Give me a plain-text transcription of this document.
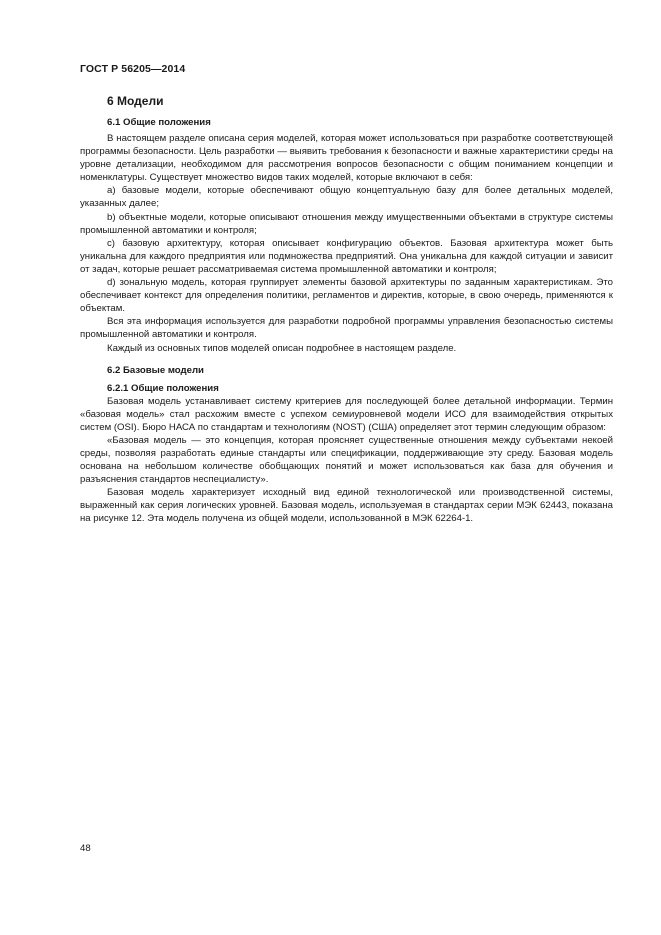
ГОСТ Р 56205—2014
6 Модели
6.1 Общие положения

В настоящем разделе описана серия моделей, которая может использоваться при разработке соответствующей программы безопасности. Цель разработки — выявить требования к безопасности и важные характеристики среды на уровне детализации, необходимом для рассмотрения вопросов безопасности с общим пониманием концепции и номенклатуры. Существует множество видов таких моделей, которые включают в себя:

a) базовые модели, которые обеспечивают общую концептуальную базу для более детальных моделей, указанных далее;

b) объектные модели, которые описывают отношения между имущественными объектами в структуре системы промышленной автоматики и контроля;

c) базовую архитектуру, которая описывает конфигурацию объектов. Базовая архитектура может быть уникальна для каждого предприятия или подмножества предприятий. Она уникальна для каждой ситуации и зависит от задач, которые решает рассматриваемая система промышленной автоматики и контроля;

d) зональную модель, которая группирует элементы базовой архитектуры по заданным характеристикам. Это обеспечивает контекст для определения политики, регламентов и директив, которые, в свою очередь, применяются к объектам.

Вся эта информация используется для разработки подробной программы управления безопасностью системы промышленной автоматики и контроля.

Каждый из основных типов моделей описан подробнее в настоящем разделе.

6.2 Базовые модели
6.2.1 Общие положения

Базовая модель устанавливает систему критериев для последующей более детальной информации. Термин «базовая модель» стал расхожим вместе с успехом семиуровневой модели ИСО для взаимодействия открытых систем (OSI). Бюро НАСА по стандартам и технологиям (NOST) (США) определяет этот термин следующим образом:

«Базовая модель — это концепция, которая проясняет существенные отношения между субъектами некоей среды, позволяя разработать единые стандарты или спецификации, поддерживающие эту среду. Базовая модель основана на небольшом количестве обобщающих понятий и может использоваться как база для обучения и разъяснения стандартов неспециалисту».

Базовая модель характеризует исходный вид единой технологической или производственной системы, выраженный как серия логических уровней. Базовая модель, используемая в стандартах серии МЭК 62443, показана на рисунке 12. Эта модель получена из общей модели, использованной в МЭК 62264-1.

48
